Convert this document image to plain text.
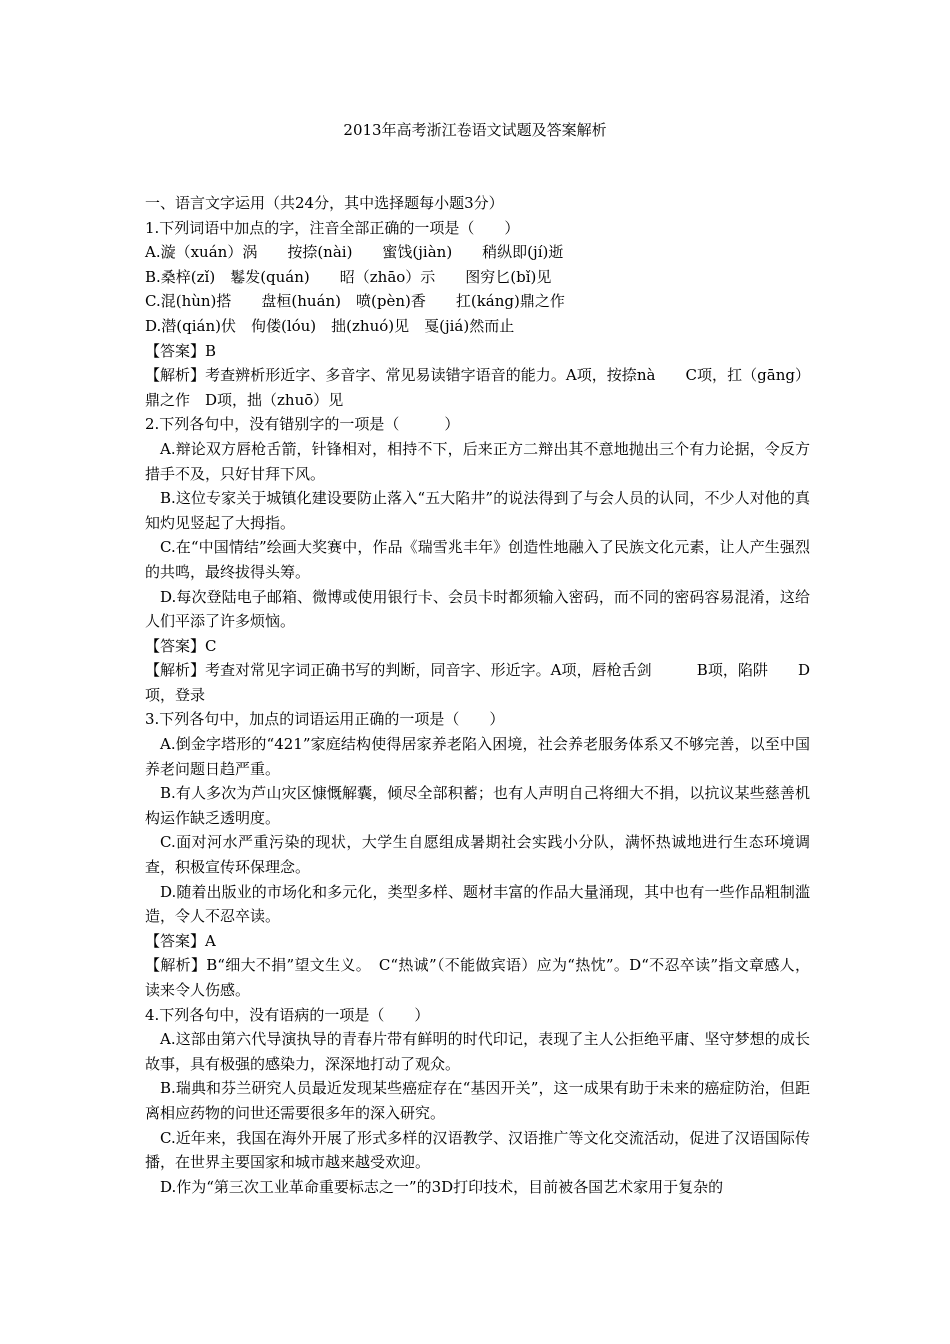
2013年高考浙江卷语文试题及答案解析

一、语言文字运用（共24分，其中选择题每小题3分）

1.下列词语中加点的字，注音全部正确的一项是（　　）

A.漩（xuán）涡　　按捺(nài)　　蜜饯(jiàn)　　稍纵即(jí)逝

B.桑梓(zǐ)　鬈发(quán)　　昭（zhāo）示　　图穷匕(bǐ)见

C.混(hùn)搭　　盘桓(huán)　喷(pèn)香　　扛(káng)鼎之作

D.潜(qián)伏　佝偻(lóu)　拙(zhuó)见　戛(jiá)然而止

【答案】B

【解析】考查辨析形近字、多音字、常见易读错字语音的能力。A项，按捺nà　　C项，扛（gāng）鼎之作　D项，拙（zhuō）见

2.下列各句中，没有错别字的一项是（　　　）

A.辩论双方唇枪舌箭，针锋相对，相持不下，后来正方二辩出其不意地抛出三个有力论据，令反方措手不及，只好甘拜下风。

B.这位专家关于城镇化建设要防止落入“五大陷井”的说法得到了与会人员的认同，不少人对他的真知灼见竖起了大拇指。

C.在“中国情结”绘画大奖赛中，作品《瑞雪兆丰年》创造性地融入了民族文化元素，让人产生强烈的共鸣，最终拔得头筹。

D.每次登陆电子邮箱、微博或使用银行卡、会员卡时都须输入密码，而不同的密码容易混淆，这给人们平添了许多烦恼。

【答案】C

【解析】考查对常见字词正确书写的判断，同音字、形近字。A项，唇枪舌剑　　　B项，陷阱　　D项，登录

3.下列各句中，加点的词语运用正确的一项是（　　）

A.倒金字塔形的“421”家庭结构使得居家养老陷入困境，社会养老服务体系又不够完善，以至中国养老问题日趋严重。

B.有人多次为芦山灾区慷慨解囊，倾尽全部积蓄；也有人声明自己将细大不捐，以抗议某些慈善机构运作缺乏透明度。

C.面对河水严重污染的现状，大学生自愿组成暑期社会实践小分队，满怀热诚地进行生态环境调查，积极宣传环保理念。

D.随着出版业的市场化和多元化，类型多样、题材丰富的作品大量涌现，其中也有一些作品粗制滥造，令人不忍卒读。

【答案】A

【解析】B“细大不捐”望文生义。　C“热诚”（不能做宾语）应为“热忱”。D“不忍卒读”指文章感人，读来令人伤感。

4.下列各句中，没有语病的一项是（　　）

A.这部由第六代导演执导的青春片带有鲜明的时代印记，表现了主人公拒绝平庸、坚守梦想的成长故事，具有极强的感染力，深深地打动了观众。

B.瑞典和芬兰研究人员最近发现某些癌症存在“基因开关”，这一成果有助于未来的癌症防治，但距离相应药物的问世还需要很多年的深入研究。

C.近年来，我国在海外开展了形式多样的汉语教学、汉语推广等文化交流活动，促进了汉语国际传播，在世界主要国家和城市越来越受欢迎。

D.作为“第三次工业革命重要标志之一”的3D打印技术，目前被各国艺术家用于复杂的
